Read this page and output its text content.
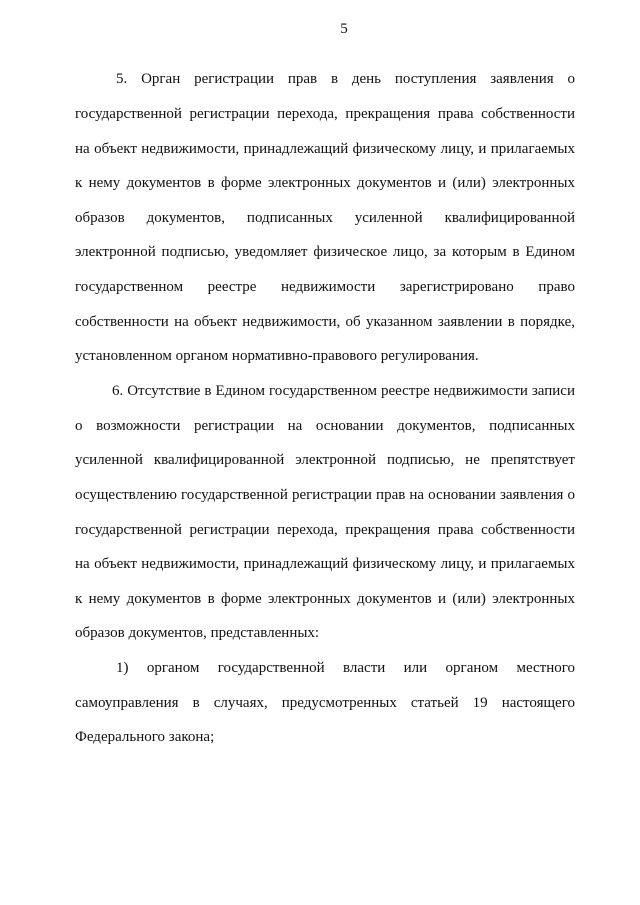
5
5. Орган регистрации прав в день поступления заявления о
государственной регистрации перехода, прекращения права собственности
на объект недвижимости, принадлежащий физическому лицу, и прилагаемых
к нему документов в форме электронных документов и (или) электронных
образов документов, подписанных усиленной квалифицированной
электронной подписью, уведомляет физическое лицо, за которым в Едином
государственном реестре недвижимости зарегистрировано право
собственности на объект недвижимости, об указанном заявлении в порядке,
установленном органом нормативно-правового регулирования.
6. Отсутствие в Едином государственном реестре недвижимости записи
о возможности регистрации на основании документов, подписанных
усиленной квалифицированной электронной подписью, не препятствует
осуществлению государственной регистрации прав на основании заявления о
государственной регистрации перехода, прекращения права собственности
на объект недвижимости, принадлежащий физическому лицу, и прилагаемых
к нему документов в форме электронных документов и (или) электронных
образов документов, представленных:
1) органом государственной власти или органом местного
самоуправления в случаях, предусмотренных статьей 19 настоящего
Федерального закона;
